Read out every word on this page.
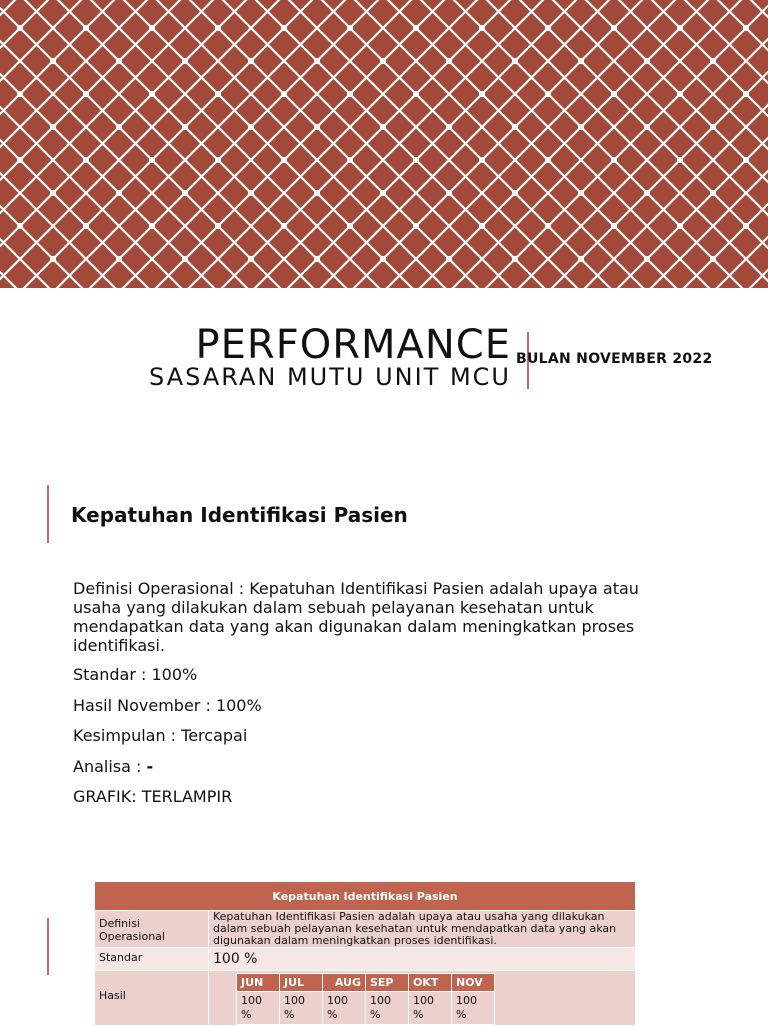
PERFORMANCE
SASARAN MUTU UNIT MCU
BULAN NOVEMBER 2022
Kepatuhan Identifikasi Pasien

Definisi Operasional : Kepatuhan Identifikasi Pasien adalah upaya atau usaha yang dilakukan dalam sebuah pelayanan kesehatan untuk mendapatkan data yang akan digunakan dalam meningkatkan proses identifikasi.

Standar : 100%

Hasil November : 100%

Kesimpulan : Tercapai

Analisa : -

GRAFIK: TERLAMPIR

Kepatuhan Identifikasi Pasien
Definisi Operasional	Kepatuhan Identifikasi Pasien adalah upaya atau usaha yang dilakukan dalam sebuah pelayanan kesehatan untuk mendapatkan data yang akan digunakan dalam meningkatkan proses identifikasi.
Standar	100 %
Hasil	
JUN	JUL	AUG	SEP	OKT	NOV
100 %	100 %	100 %	100 %	100 %	100 %
